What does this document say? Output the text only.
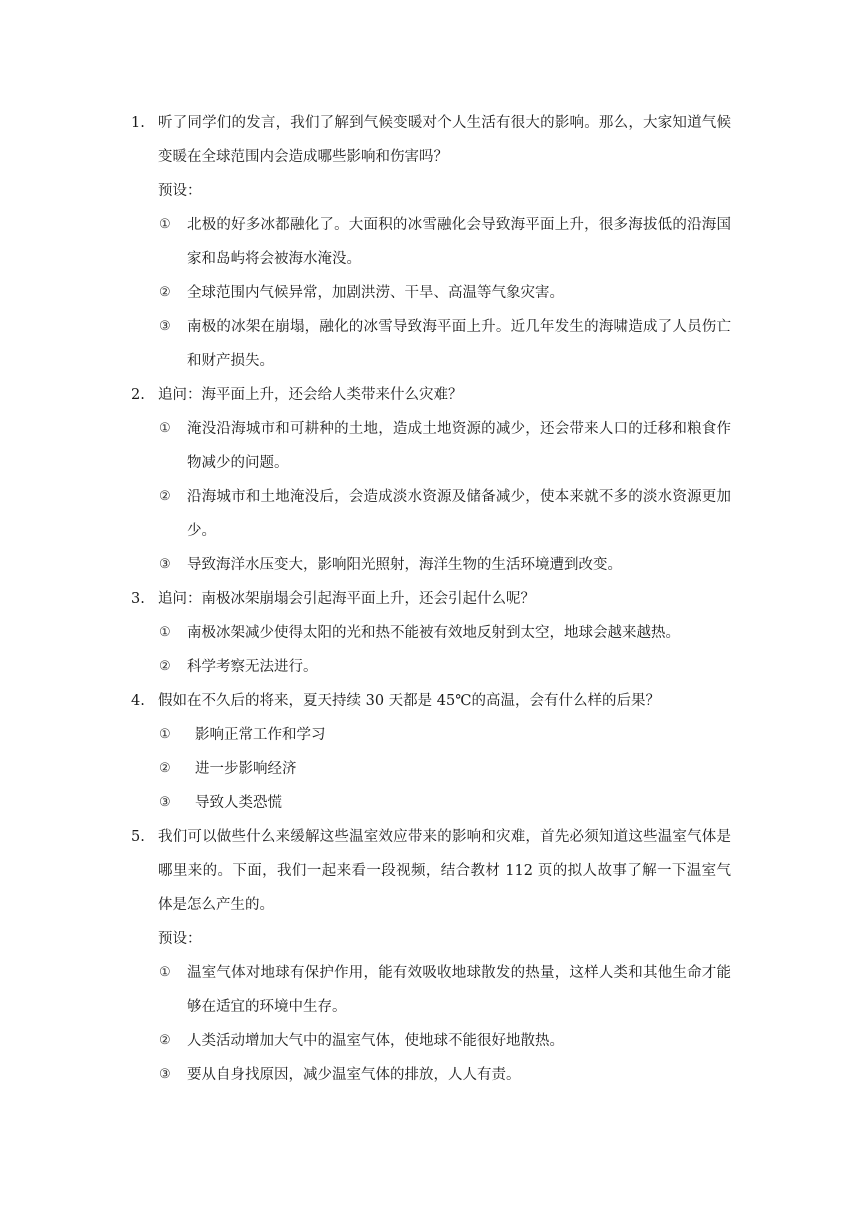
1. 听了同学们的发言，我们了解到气候变暖对个人生活有很大的影响。那么，大家知道气候变暖在全球范围内会造成哪些影响和伤害吗？
预设：
①	北极的好多冰都融化了。大面积的冰雪融化会导致海平面上升，很多海拔低的沿海国家和岛屿将会被海水淹没。
②	全球范围内气候异常，加剧洪涝、干旱、高温等气象灾害。
③	南极的冰架在崩塌，融化的冰雪导致海平面上升。近几年发生的海啸造成了人员伤亡和财产损失。
2. 追问：海平面上升，还会给人类带来什么灾难？
①	淹没沿海城市和可耕种的土地，造成土地资源的减少，还会带来人口的迁移和粮食作物减少的问题。
②	沿海城市和土地淹没后，会造成淡水资源及储备减少，使本来就不多的淡水资源更加少。
③	导致海洋水压变大，影响阳光照射，海洋生物的生活环境遭到改变。
3. 追问：南极冰架崩塌会引起海平面上升，还会引起什么呢？
①	南极冰架减少使得太阳的光和热不能被有效地反射到太空，地球会越来越热。
②	科学考察无法进行。
4. 假如在不久后的将来，夏天持续 30 天都是 45℃的高温，会有什么样的后果？
①	影响正常工作和学习
②	进一步影响经济
③	导致人类恐慌
5. 我们可以做些什么来缓解这些温室效应带来的影响和灾难，首先必须知道这些温室气体是哪里来的。下面，我们一起来看一段视频，结合教材 112 页的拟人故事了解一下温室气体是怎么产生的。
预设：
①	温室气体对地球有保护作用，能有效吸收地球散发的热量，这样人类和其他生命才能够在适宜的环境中生存。
②	人类活动增加大气中的温室气体，使地球不能很好地散热。
③	要从自身找原因，减少温室气体的排放，人人有责。
